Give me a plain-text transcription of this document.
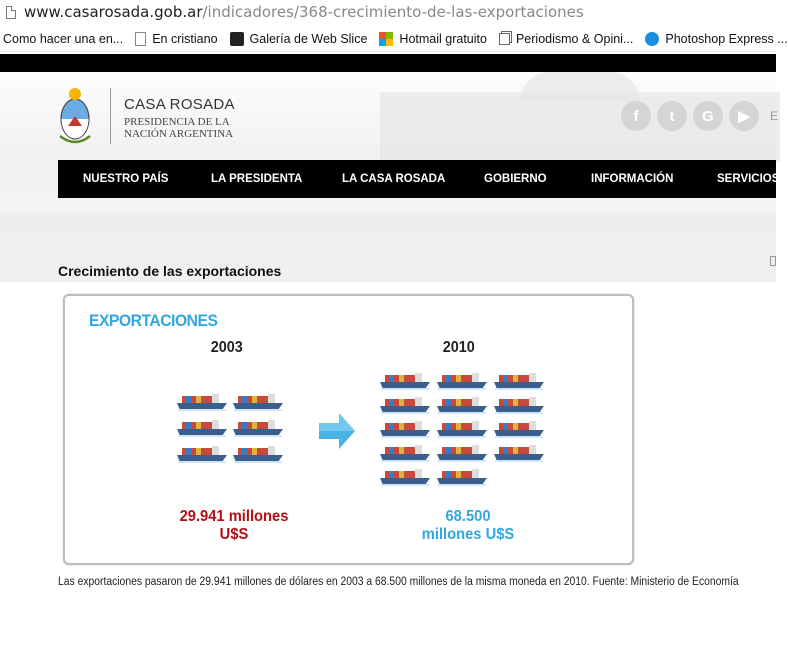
www.casarosada.gob.ar/indicadores/368-crecimiento-de-las-exportaciones
Como hacer una en... En cristiano	Galería de Web Slice	Hotmail gratuito Periodismo & Opini...	Photoshop Express ...
CASA ROSADA
PRESIDENCIA DE LA
NACIÓN ARGENTINA
f	t	G	▶	E
NUESTRO PAÍS	LA PRESIDENTA	LA CASA ROSADA	GOBIERNO	INFORMACIÓN	SERVICIOS
Crecimiento de las exportaciones
EXPORTACIONES
2003	2010
29.941 millones
U$S
68.500
millones U$S
Las exportaciones pasaron de 29.941 millones de dólares en 2003 a 68.500 millones de la misma moneda en 2010. Fuente: Ministerio de Economía
